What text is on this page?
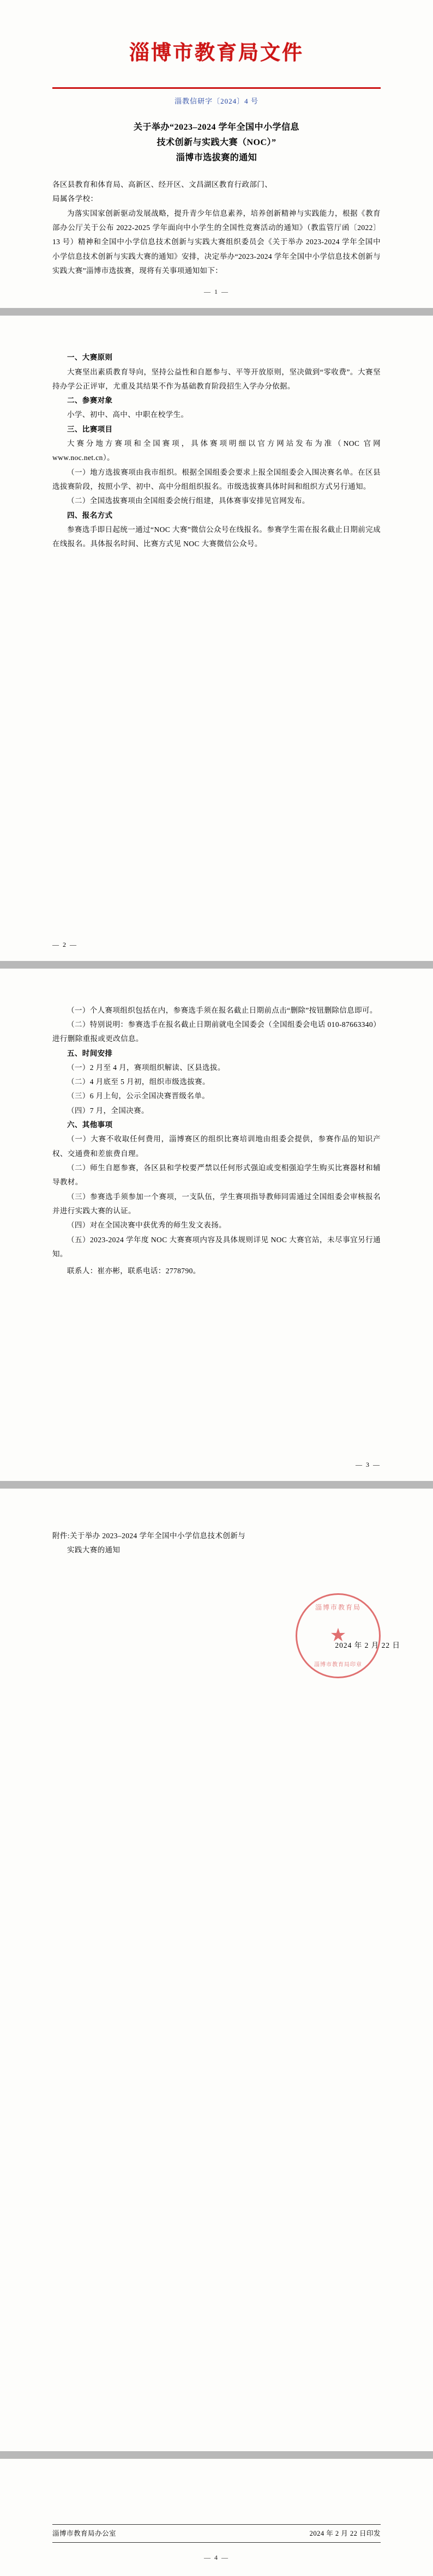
淄博市教育局文件
淄教信研字〔2024〕4 号
关于举办“2023–2024 学年全国中小学信息
技术创新与实践大赛（NOC）”
淄博市选拔赛的通知

各区县教育和体育局、高新区、经开区、文昌湖区教育行政部门、

局属各学校：

为落实国家创新驱动发展战略，提升青少年信息素养，培养创新精神与实践能力，根据《教育部办公厅关于公布 2022-2025 学年面向中小学生的全国性竞赛活动的通知》（教监管厅函〔2022〕13 号）精神和全国中小学信息技术创新与实践大赛组织委员会《关于举办 2023-2024 学年全国中小学信息技术创新与实践大赛的通知》安排，决定举办“2023-2024 学年全国中小学信息技术创新与实践大赛”淄博市选拔赛，现将有关事项通知如下：

— 1 —

一、大赛原则

大赛坚出素质教育导向，坚持公益性和自愿参与、平等开放原则，坚决做到“零收费”。大赛坚持办学公正评审，尤重及其结果不作为基础教育阶段招生入学办分依据。

二、参赛对象

小学、初中、高中、中职在校学生。

三、比赛项目

大赛分地方赛项和全国赛项，具体赛项明细以官方网站发布为准（NOC 官网 www.noc.net.cn）。

（一）地方选拔赛项由我市组织。根据全国组委会要求上报全国组委会入围决赛名单。在区县选拔赛阶段，按照小学、初中、高中分组组织报名。市级选拔赛具体时间和组织方式另行通知。

（二）全国选拔赛项由全国组委会统行组建，具体赛事安排见官网发布。

四、报名方式

参赛选手即日起统一通过“NOC 大赛”微信公众号在线报名。参赛学生需在报名截止日期前完成在线报名。具体报名时间、比赛方式见 NOC 大赛微信公众号。

— 2 —

（一）个人赛项组织包括在内，参赛选手须在报名截止日期前点击“删除”按钮删除信息即可。

（二）特别说明：参赛选手在报名截止日期前就电全国委会（全国组委会电话 010-87663340）进行删除重报或更改信息。

五、时间安排

（一）2 月至 4 月，赛项组织解读、区县选拔。

（二）4 月底至 5 月初，组织市级选拔赛。

（三）6 月上旬，公示全国决赛晋级名单。

（四）7 月，全国决赛。

六、其他事项

（一）大赛不收取任何费用，淄博赛区的组织比赛培训地由组委会提供，参赛作品的知识产权、交通费和差旅费自理。

（二）师生自愿参赛，各区县和学校要严禁以任何形式强迫或变相强迫学生购买比赛器材和辅导教材。

（三）参赛选手须参加一个赛项，一支队伍，学生赛项指导教师同需通过全国组委会审核报名并进行实践大赛的认证。

（四）对在全国决赛中获优秀的师生发文表扬。

（五）2023-2024 学年度 NOC 大赛赛项内容及具体规则详见 NOC 大赛官站，未尽事宜另行通知。

联系人：崔亦彬，联系电话：2778790。

— 3 —
附件:关于举办 2023–2024 学年全国中小学信息技术创新与
实践大赛的通知
淄博市教育局
★
淄博市教育局印章
2024 年 2 月 22 日
淄博市教育局办公室	2024 年 2 月 22 日印发
— 4 —
